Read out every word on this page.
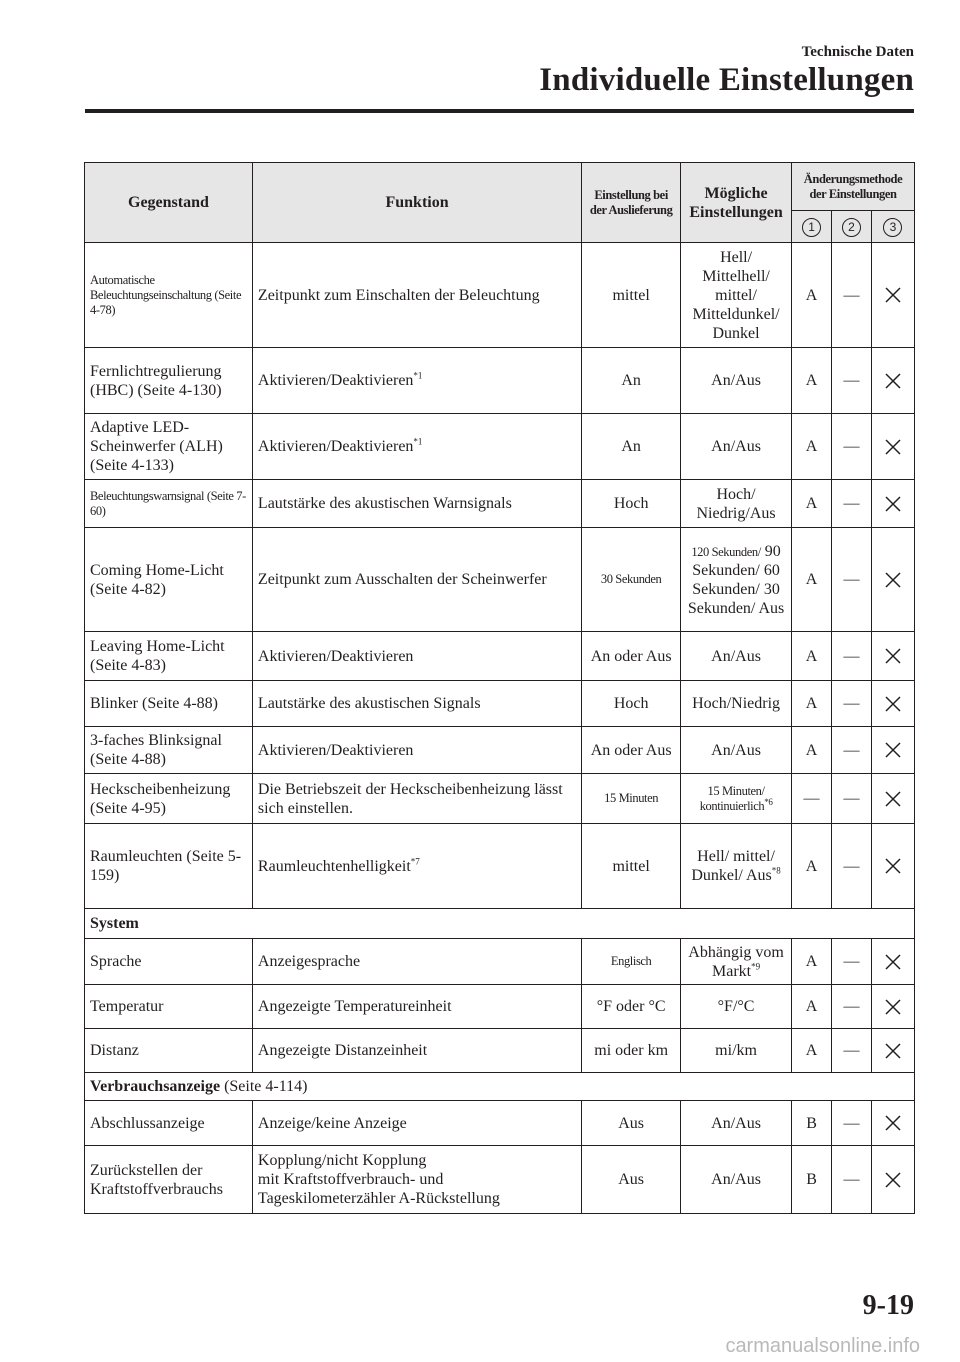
Technische Daten
Individuelle Einstellungen
Gegenstand	Funktion	Einstellung bei der Auslieferung	Mögliche Einstellungen	Änderungsmethode der Einstellungen		
				1	2	3
Automatische Beleuchtungseinschaltung (Seite 4-78)	Zeitpunkt zum Einschalten der Beleuchtung	mittel	Hell/ Mittelhell/ mittel/ Mitteldunkel/ Dunkel	A	—	

Fernlichtregulierung (HBC) (Seite 4-130)	Aktivieren/Deaktivieren$^{*1}$	An	An/Aus	A	—	

Adaptive LED-Scheinwerfer (ALH) (Seite 4-133)	Aktivieren/Deaktivieren$^{*1}$	An	An/Aus	A	—	

Beleuchtungswarnsignal (Seite 7-60)	Lautstärke des akustischen Warnsignals	Hoch	Hoch/ Niedrig/Aus	A	—	

Coming Home-Licht (Seite 4-82)	Zeitpunkt zum Ausschalten der Scheinwerfer	30 Sekunden	120 Sekunden/ 90 Sekunden/ 60 Sekunden/ 30 Sekunden/ Aus	A	—	

Leaving Home-Licht (Seite 4-83)	Aktivieren/Deaktivieren	An oder Aus	An/Aus	A	—	

Blinker (Seite 4-88)	Lautstärke des akustischen Signals	Hoch	Hoch/Niedrig	A	—	

3-faches Blinksignal (Seite 4-88)	Aktivieren/Deaktivieren	An oder Aus	An/Aus	A	—	

Heckscheibenheizung (Seite 4-95)	Die Betriebszeit der Heckscheibenheizung lässt sich einstellen.	15 Minuten	15 Minuten/ kontinuierlich$^{*6}$	—	—	

Raumleuchten (Seite 5-159)	Raumleuchtenhelligkeit$^{*7}$	mittel	Hell/ mittel/ Dunkel/ Aus$^{*8}$	A	—	

System						
Sprache	Anzeigesprache	Englisch	Abhängig vom Markt$^{*9}$	A	—	

Temperatur	Angezeigte Temperatureinheit	°F oder °C	°F/°C	A	—	

Distanz	Angezeigte Distanzeinheit	mi oder km	mi/km	A	—	

Verbrauchsanzeige (Seite 4-114)						
Abschlussanzeige	Anzeige/keine Anzeige	Aus	An/Aus	B	—	

Zurückstellen der Kraftstoffverbrauchs	Kopplung/nicht Kopplung
mit Kraftstoffverbrauch- und
Tageskilometerzähler A-Rückstellung	Aus	An/Aus	B	—	
9-19
carmanualsonline.info
